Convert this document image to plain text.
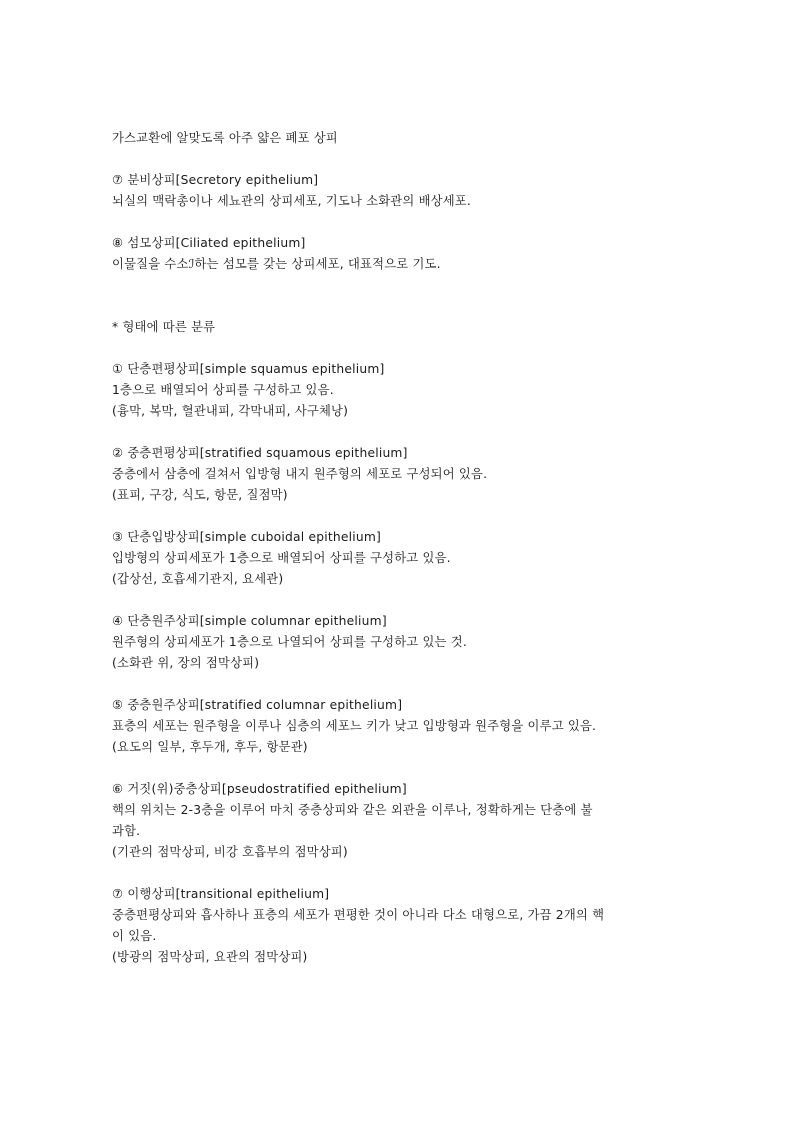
가스교환에 알맞도록 아주 얇은 폐포 상피
⑦ 분비상피[Secretory epithelium]
뇌실의 맥락총이나 세뇨관의 상피세포, 기도나 소화관의 배상세포.
⑧ 섬모상피[Ciliated epithelium]
이물질을 수소ℐ하는 섬모를 갖는 상피세포, 대표적으로 기도.
* 형태에 따른 분류
① 단층편평상피[simple squamus epithelium]
1층으로 배열되어 상피를 구성하고 있음.
(흉막, 복막, 혈관내피, 각막내피, 사구체낭)
② 중층편평상피[stratified squamous epithelium]
중층에서 삼층에 걸쳐서 입방형 내지 원주형의 세포로 구성되어 있음.
(표피, 구강, 식도, 항문, 질점막)
③ 단층입방상피[simple cuboidal epithelium]
입방형의 상피세포가 1층으로 배열되어 상피를 구성하고 있음.
(갑상선, 호흡세기관지, 요세관)
④ 단층원주상피[simple columnar epithelium]
원주형의 상피세포가 1층으로 나열되어 상피를 구성하고 있는 것.
(소화관 위, 장의 점막상피)
⑤ 중층원주상피[stratified columnar epithelium]
표층의 세포는 원주형을 이루나 심층의 세포느 키가 낮고 입방형과 원주형을 이루고 있음.
(요도의 일부, 후두개, 후두, 항문관)
⑥ 거짓(위)중층상피[pseudostratified epithelium]
핵의 위치는 2-3층을 이루어 마치 중층상피와 같은 외관을 이루나, 정확하게는 단층에 불
과함.
(기관의 점막상피, 비강 호흡부의 점막상피)
⑦ 이행상피[transitional epithelium]
중층편평상피와 흡사하나 표층의 세포가 편평한 것이 아니라 다소 대형으로, 가끔 2개의 핵
이 있음.
(방광의 점막상피, 요관의 점막상피)
